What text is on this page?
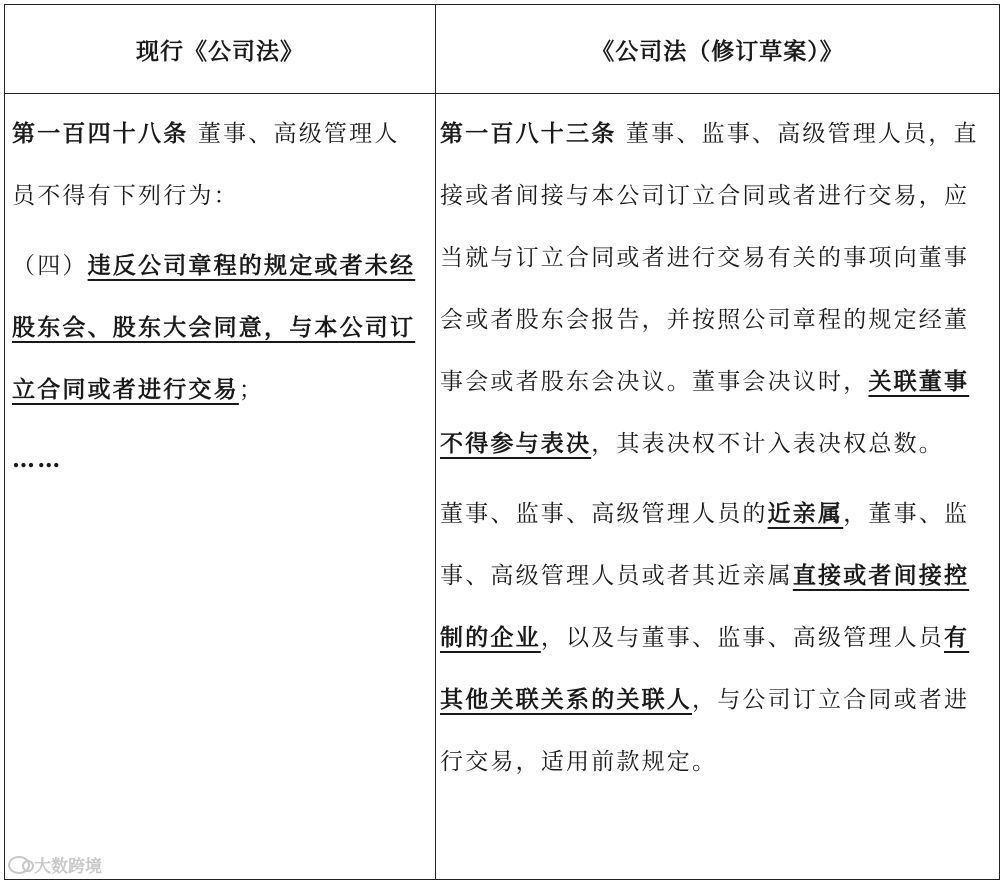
现行《公司法》	《公司法（修订草案）》

第一百四十八条 董事、高级管理人员不得有下列行为：

（四）违反公司章程的规定或者未经股东会、股东大会同意，与本公司订立合同或者进行交易；

……

第一百八十三条 董事、监事、高级管理人员，直接或者间接与本公司订立合同或者进行交易，应当就与订立合同或者进行交易有关的事项向董事会或者股东会报告，并按照公司章程的规定经董事会或者股东会决议。董事会决议时，关联董事不得参与表决，其表决权不计入表决权总数。

董事、监事、高级管理人员的近亲属，董事、监事、高级管理人员或者其近亲属直接或者间接控制的企业，以及与董事、监事、高级管理人员有其他关联关系的关联人，与公司订立合同或者进行交易，适用前款规定。

大数跨境
